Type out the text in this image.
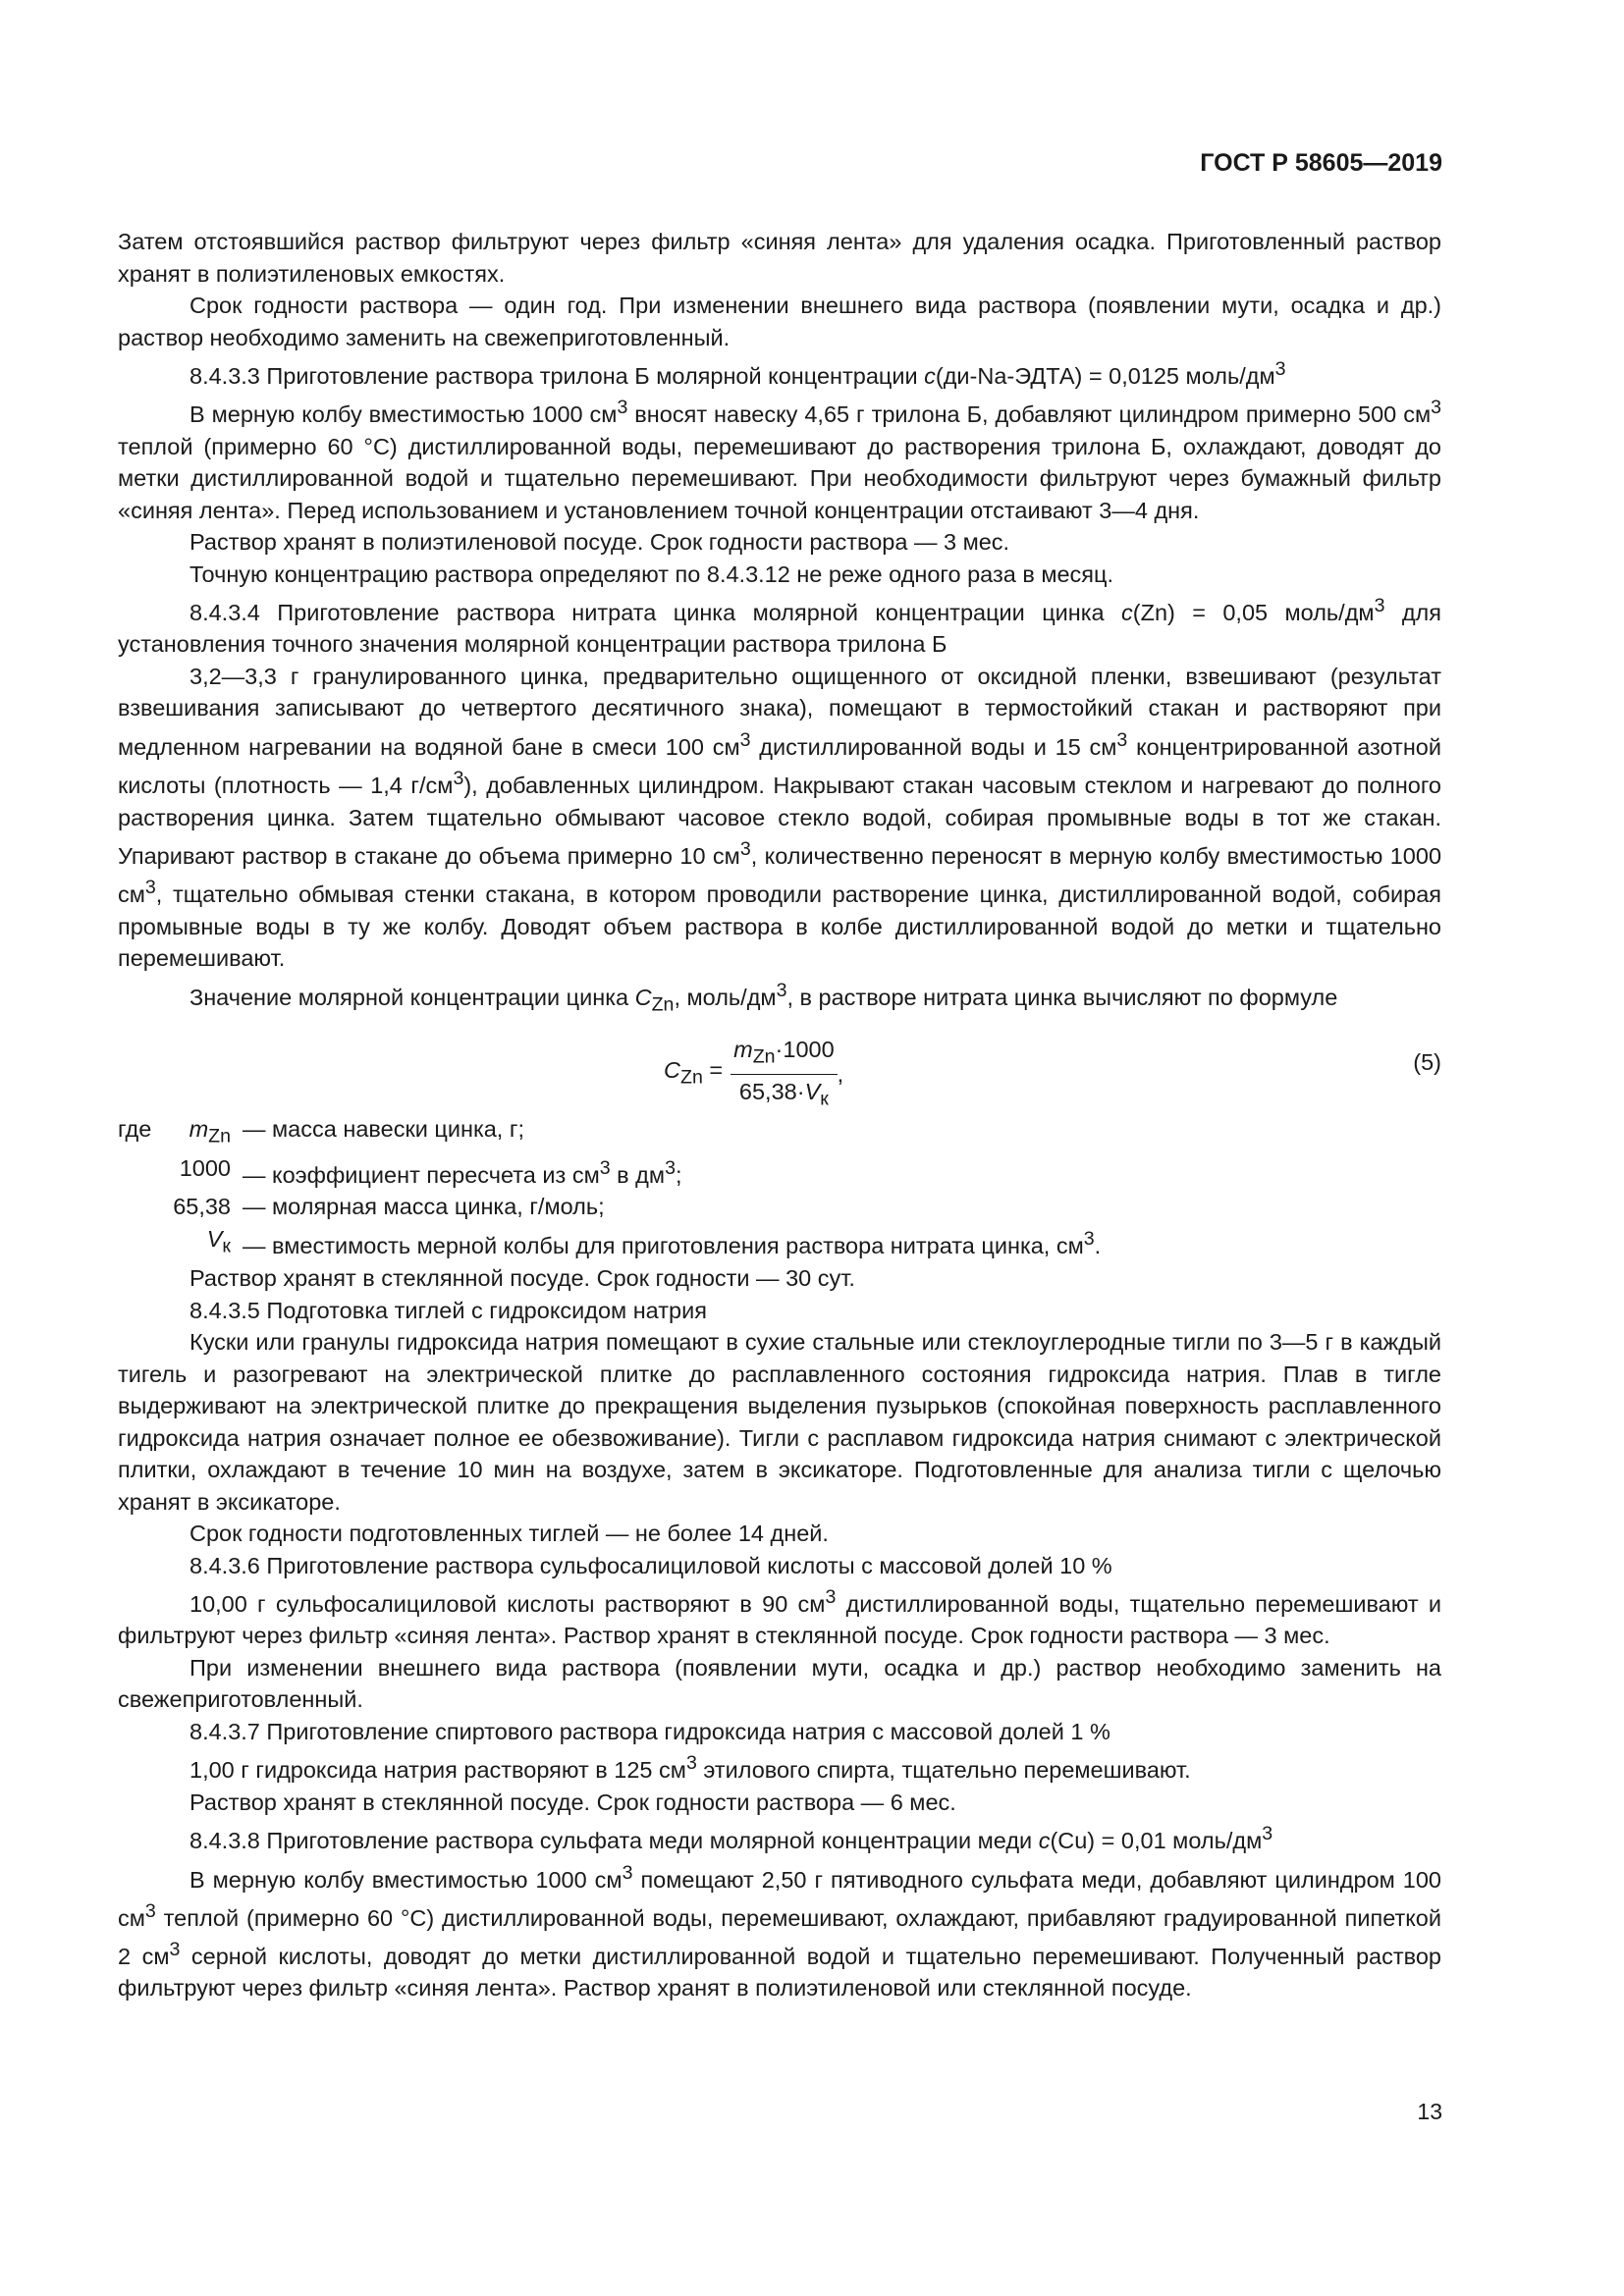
ГОСТ Р 58605—2019

Затем отстоявшийся раствор фильтруют через фильтр «синяя лента» для удаления осадка. Приготовленный раствор хранят в полиэтиленовых емкостях.

Срок годности раствора — один год. При изменении внешнего вида раствора (появлении мути, осадка и др.) раствор необходимо заменить на свежеприготовленный.

8.4.3.3 Приготовление раствора трилона Б молярной концентрации c(ди-Na-ЭДТА) = 0,0125 моль/$дм^3$

В мерную колбу вместимостью 1000 $см^3$ вносят навеску 4,65 г трилона Б, добавляют цилиндром примерно 500 $см^3$ теплой (примерно 60 °С) дистиллированной воды, перемешивают до растворения трилона Б, охлаждают, доводят до метки дистиллированной водой и тщательно перемешивают. При необходимости фильтруют через бумажный фильтр «синяя лента». Перед использованием и установлением точной концентрации отстаивают 3—4 дня.

Раствор хранят в полиэтиленовой посуде. Срок годности раствора — 3 мес.

Точную концентрацию раствора определяют по 8.4.3.12 не реже одного раза в месяц.

8.4.3.4 Приготовление раствора нитрата цинка молярной концентрации цинка c(Zn) = 0,05 моль/$дм^3$ для установления точного значения молярной концентрации раствора трилона Б

3,2—3,3 г гранулированного цинка, предварительно ощищенного от оксидной пленки, взвешивают (результат взвешивания записывают до четвертого десятичного знака), помещают в термостойкий стакан и растворяют при медленном нагревании на водяной бане в смеси 100 $см^3$ дистиллированной воды и 15 $см^3$ концентрированной азотной кислоты (плотность — 1,4 $г/см^3$), добавленных цилиндром. Накрывают стакан часовым стеклом и нагревают до полного растворения цинка. Затем тщательно обмывают часовое стекло водой, собирая промывные воды в тот же стакан. Упаривают раствор в стакане до объема примерно 10 $см^3$, количественно переносят в мерную колбу вместимостью 1000 $см^3$, тщательно обмывая стенки стакана, в котором проводили растворение цинка, дистиллированной водой, собирая промывные воды в ту же колбу. Доводят объем раствора в колбе дистиллированной водой до метки и тщательно перемешивают.

Значение молярной концентрации цинка $C_{Zn}$, моль/$дм^3$, в растворе нитрата цинка вычисляют по формуле

$C_{Zn} = \frac{m_{Zn}\cdot 1000}{65,38\cdot V_к}$ ,	(5)
где	$m_{Zn}$	— масса навески цинка, г;
	1000	— коэффициент пересчета из $см^3$ в $дм^3$;
	65,38	— молярная масса цинка, г/моль;
	$V_к$	— вместимость мерной колбы для приготовления раствора нитрата цинка, $см^3$.

Раствор хранят в стеклянной посуде. Срок годности — 30 сут.

8.4.3.5 Подготовка тиглей с гидроксидом натрия

Куски или гранулы гидроксида натрия помещают в сухие стальные или стеклоуглеродные тигли по 3—5 г в каждый тигель и разогревают на электрической плитке до расплавленного состояния гидроксида натрия. Плав в тигле выдерживают на электрической плитке до прекращения выделения пузырьков (спокойная поверхность расплавленного гидроксида натрия означает полное ее обезвоживание). Тигли с расплавом гидроксида натрия снимают с электрической плитки, охлаждают в течение 10 мин на воздухе, затем в эксикаторе. Подготовленные для анализа тигли с щелочью хранят в эксикаторе.

Срок годности подготовленных тиглей — не более 14 дней.

8.4.3.6 Приготовление раствора сульфосалициловой кислоты с массовой долей 10 %

10,00 г сульфосалициловой кислоты растворяют в 90 $см^3$ дистиллированной воды, тщательно перемешивают и фильтруют через фильтр «синяя лента». Раствор хранят в стеклянной посуде. Срок годности раствора — 3 мес.

При изменении внешнего вида раствора (появлении мути, осадка и др.) раствор необходимо заменить на свежеприготовленный.

8.4.3.7 Приготовление спиртового раствора гидроксида натрия с массовой долей 1 %

1,00 г гидроксида натрия растворяют в 125 $см^3$ этилового спирта, тщательно перемешивают.

Раствор хранят в стеклянной посуде. Срок годности раствора — 6 мес.

8.4.3.8 Приготовление раствора сульфата меди молярной концентрации меди c(Cu) = 0,01 моль/$дм^3$

В мерную колбу вместимостью 1000 $см^3$ помещают 2,50 г пятиводного сульфата меди, добавляют цилиндром 100 $см^3$ теплой (примерно 60 °С) дистиллированной воды, перемешивают, охлаждают, прибавляют градуированной пипеткой 2 $см^3$ серной кислоты, доводят до метки дистиллированной водой и тщательно перемешивают. Полученный раствор фильтруют через фильтр «синяя лента». Раствор хранят в полиэтиленовой или стеклянной посуде.

13
